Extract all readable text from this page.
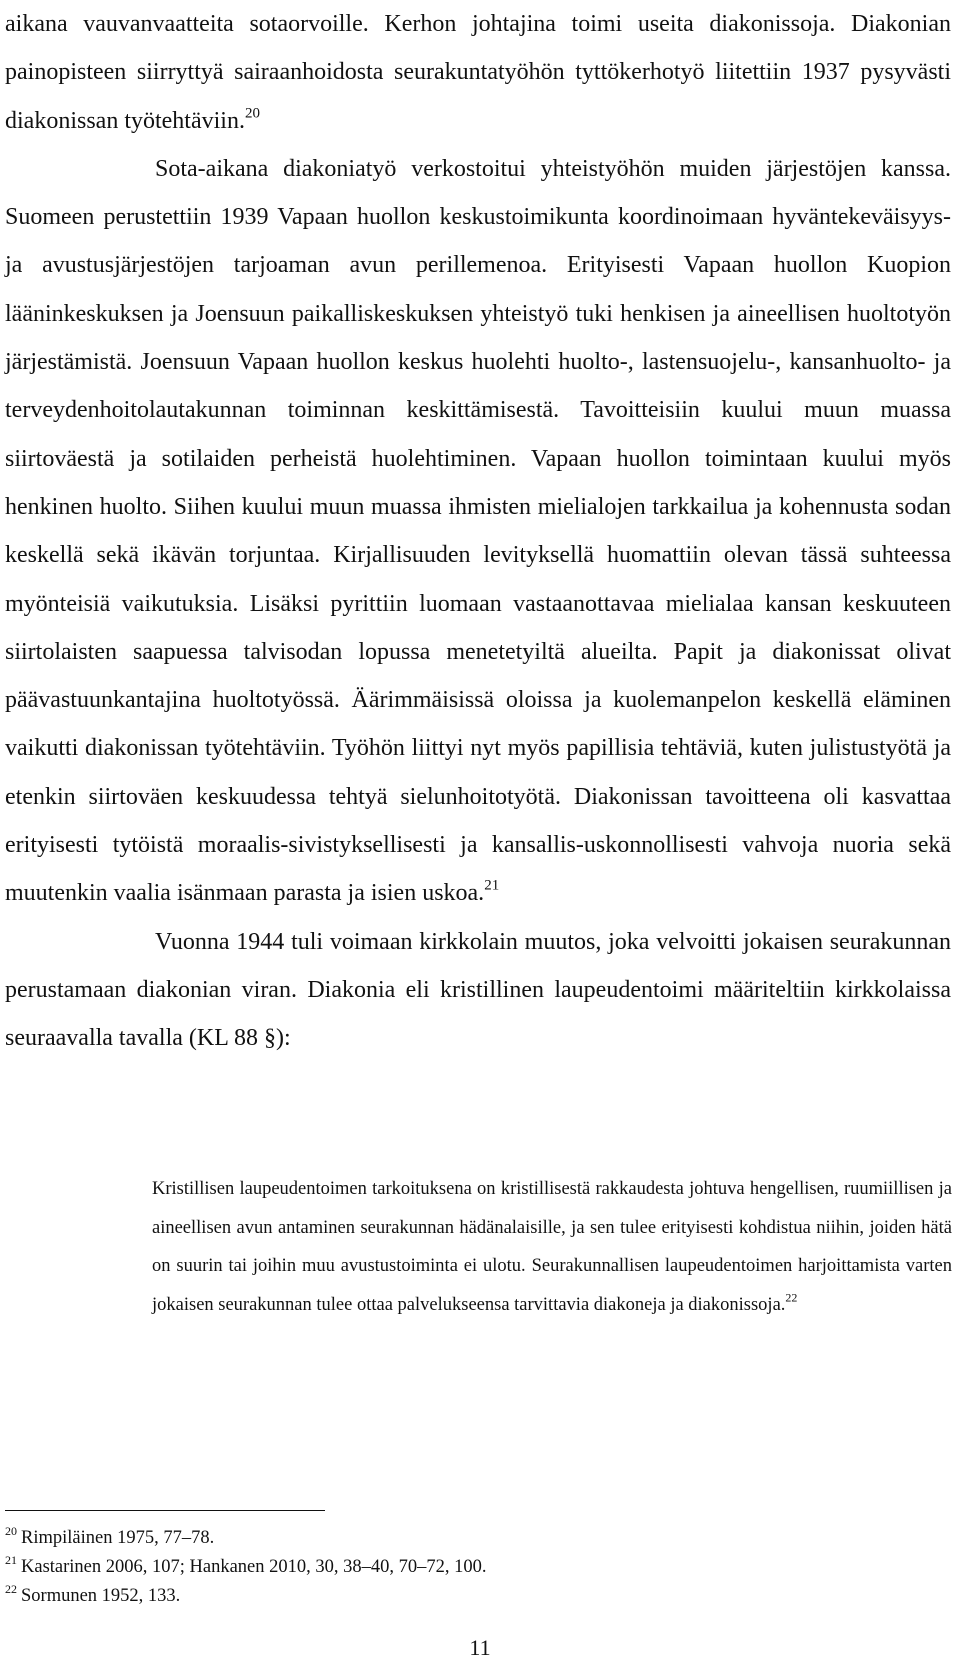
aikana vauvanvaatteita sotaorvoille. Kerhon johtajina toimi useita diakonissoja. Diakonian painopisteen siirryttyä sairaanhoidosta seurakuntatyöhön tyttökerhotyö liitettiin 1937 pysyvästi diakonissan työtehtäviin.$^{20}$

Sota-aikana diakoniatyö verkostoitui yhteistyöhön muiden järjestöjen kanssa. Suomeen perustettiin 1939 Vapaan huollon keskustoimikunta koordinoimaan hyväntekeväisyys- ja avustusjärjestöjen tarjoaman avun perillemenoa. Erityisesti Vapaan huollon Kuopion lääninkeskuksen ja Joensuun paikalliskeskuksen yhteistyö tuki henkisen ja aineellisen huoltotyön järjestämistä. Joensuun Vapaan huollon keskus huolehti huolto-, lastensuojelu-, kansanhuolto- ja terveydenhoitolautakunnan toiminnan keskittämisestä. Tavoitteisiin kuului muun muassa siirtoväestä ja sotilaiden perheistä huolehtiminen. Vapaan huollon toimintaan kuului myös henkinen huolto. Siihen kuului muun muassa ihmisten mielialojen tarkkailua ja kohennusta sodan keskellä sekä ikävän torjuntaa. Kirjallisuuden levityksellä huomattiin olevan tässä suhteessa myönteisiä vaikutuksia. Lisäksi pyrittiin luomaan vastaanottavaa mielialaa kansan keskuuteen siirtolaisten saapuessa talvisodan lopussa menetetyiltä alueilta. Papit ja diakonissat olivat päävastuunkantajina huoltotyössä. Äärimmäisissä oloissa ja kuolemanpelon keskellä eläminen vaikutti diakonissan työtehtäviin. Työhön liittyi nyt myös papillisia tehtäviä, kuten julistustyötä ja etenkin siirtoväen keskuudessa tehtyä sielunhoitotyötä. Diakonissan tavoitteena oli kasvattaa erityisesti tytöistä moraalis-sivistyksellisesti ja kansallis-uskonnollisesti vahvoja nuoria sekä muutenkin vaalia isänmaan parasta ja isien uskoa.$^{21}$

Vuonna 1944 tuli voimaan kirkkolain muutos, joka velvoitti jokaisen seurakunnan perustamaan diakonian viran. Diakonia eli kristillinen laupeudentoimi määriteltiin kirkkolaissa seuraavalla tavalla (KL 88 §):

Kristillisen laupeudentoimen tarkoituksena on kristillisestä rakkaudesta johtuva hengellisen, ruumiillisen ja aineellisen avun antaminen seurakunnan hädänalaisille, ja sen tulee erityisesti kohdistua niihin, joiden hätä on suurin tai joihin muu avustustoiminta ei ulotu. Seurakunnallisen laupeudentoimen harjoittamista varten jokaisen seurakunnan tulee ottaa palvelukseensa tarvittavia diakoneja ja diakonissoja.$^{22}$

$^{20}$ Rimpiläinen 1975, 77–78.

$^{21}$ Kastarinen 2006, 107; Hankanen 2010, 30, 38–40, 70–72, 100.

$^{22}$ Sormunen 1952, 133.

11
